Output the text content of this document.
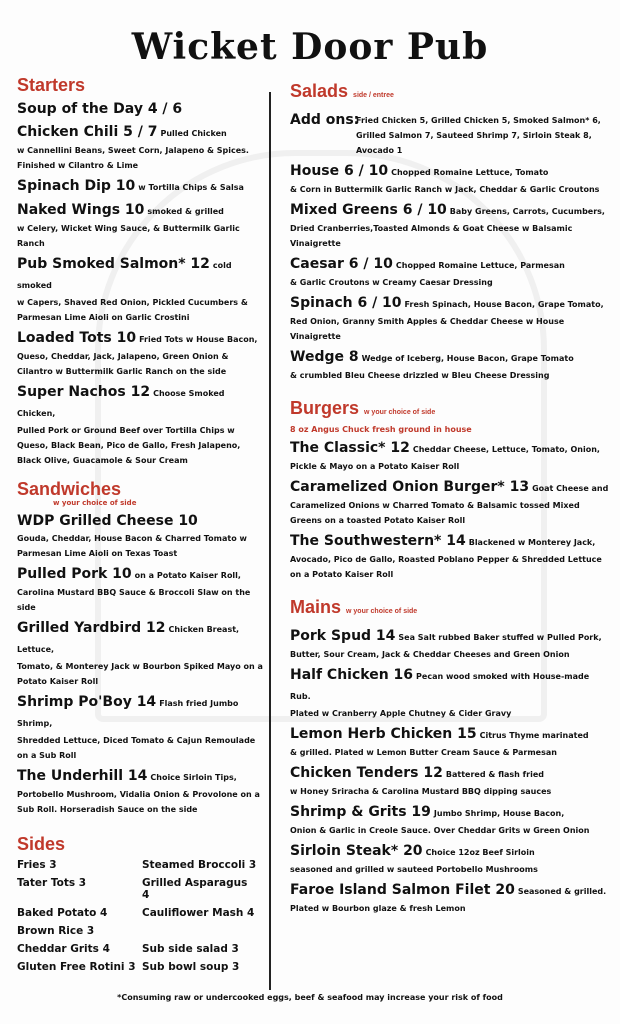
Wicket Door Pub
Starters
Soup of the Day 4 / 6
Chicken Chili 5 / 7 Pulled Chicken
w Cannellini Beans, Sweet Corn, Jalapeno & Spices. Finished w Cilantro & Lime
Spinach Dip 10 w Tortilla Chips & Salsa
Naked Wings 10 smoked & grilled
w Celery, Wicket Wing Sauce, & Buttermilk Garlic Ranch
Pub Smoked Salmon* 12 cold smoked
w Capers, Shaved Red Onion, Pickled Cucumbers & Parmesan Lime Aioli on Garlic Crostini
Loaded Tots 10 Fried Tots w House Bacon,
Queso, Cheddar, Jack, Jalapeno, Green Onion & Cilantro w Buttermilk Garlic Ranch on the side
Super Nachos 12 Choose Smoked Chicken,
Pulled Pork or Ground Beef over Tortilla Chips w Queso, Black Bean, Pico de Gallo, Fresh Jalapeno, Black Olive, Guacamole & Sour Cream
Sandwiches
w your choice of side
WDP Grilled Cheese 10
Gouda, Cheddar, House Bacon & Charred Tomato w Parmesan Lime Aioli on Texas Toast
Pulled Pork 10 on a Potato Kaiser Roll,
Carolina Mustard BBQ Sauce & Broccoli Slaw on the side
Grilled Yardbird 12 Chicken Breast, Lettuce,
Tomato, & Monterey Jack w Bourbon Spiked Mayo on a Potato Kaiser Roll
Shrimp Po'Boy 14 Flash fried Jumbo Shrimp,
Shredded Lettuce, Diced Tomato & Cajun Remoulade on a Sub Roll
The Underhill 14 Choice Sirloin Tips,
Portobello Mushroom, Vidalia Onion & Provolone on a Sub Roll. Horseradish Sauce on the side
Sides
Fries 3	Steamed Broccoli 3
Tater Tots 3	Grilled Asparagus 4
Baked Potato 4	Cauliflower Mash 4
Brown Rice 3
Cheddar Grits 4	Sub side salad 3
Gluten Free Rotini 3 Sub bowl soup 3
Salads side / entree
Add ons:
Fried Chicken 5, Grilled Chicken 5, Smoked Salmon* 6, Grilled Salmon 7, Sauteed Shrimp 7, Sirloin Steak 8, Avocado 1
House 6 / 10 Chopped Romaine Lettuce, Tomato
& Corn in Buttermilk Garlic Ranch w Jack, Cheddar & Garlic Croutons
Mixed Greens 6 / 10 Baby Greens, Carrots, Cucumbers,
Dried Cranberries,Toasted Almonds & Goat Cheese w Balsamic Vinaigrette
Caesar 6 / 10 Chopped Romaine Lettuce, Parmesan
& Garlic Croutons w Creamy Caesar Dressing
Spinach 6 / 10 Fresh Spinach, House Bacon, Grape Tomato,
Red Onion, Granny Smith Apples & Cheddar Cheese w House Vinaigrette
Wedge 8 Wedge of Iceberg, House Bacon, Grape Tomato
& crumbled Bleu Cheese drizzled w Bleu Cheese Dressing
Burgers w your choice of side
8 oz Angus Chuck fresh ground in house
The Classic* 12 Cheddar Cheese, Lettuce, Tomato, Onion,
Pickle & Mayo on a Potato Kaiser Roll
Caramelized Onion Burger* 13 Goat Cheese and
Caramelized Onions w Charred Tomato & Balsamic tossed Mixed Greens on a toasted Potato Kaiser Roll
The Southwestern* 14 Blackened w Monterey Jack,
Avocado, Pico de Gallo, Roasted Poblano Pepper & Shredded Lettuce on a Potato Kaiser Roll
Mains w your choice of side
Pork Spud 14 Sea Salt rubbed Baker stuffed w Pulled Pork,
Butter, Sour Cream, Jack & Cheddar Cheeses and Green Onion
Half Chicken 16 Pecan wood smoked with House-made Rub.
Plated w Cranberry Apple Chutney & Cider Gravy
Lemon Herb Chicken 15 Citrus Thyme marinated
& grilled. Plated w Lemon Butter Cream Sauce & Parmesan
Chicken Tenders 12 Battered & flash fried
w Honey Sriracha & Carolina Mustard BBQ dipping sauces
Shrimp & Grits 19 Jumbo Shrimp, House Bacon,
Onion & Garlic in Creole Sauce. Over Cheddar Grits w Green Onion
Sirloin Steak* 20 Choice 12oz Beef Sirloin
seasoned and grilled w sauteed Portobello Mushrooms
Faroe Island Salmon Filet 20 Seasoned & grilled.
Plated w Bourbon glaze & fresh Lemon
*Consuming raw or undercooked eggs, beef & seafood may increase your risk of food
